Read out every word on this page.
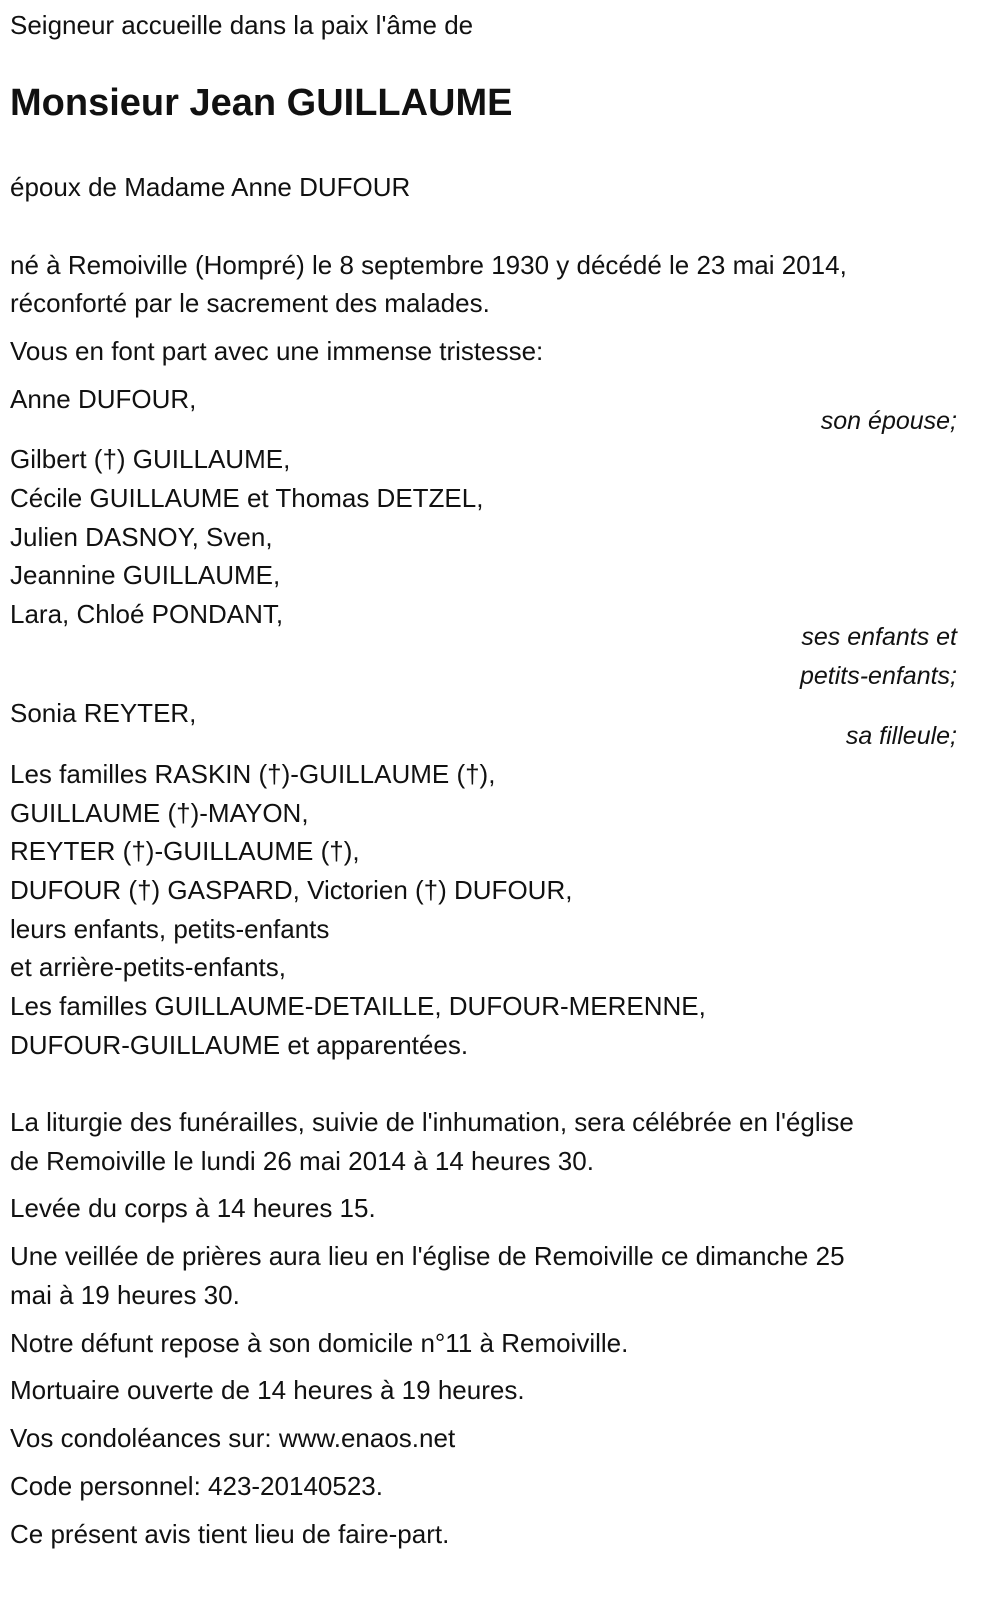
Seigneur accueille dans la paix l'âme de
Monsieur Jean GUILLAUME
époux de Madame Anne DUFOUR
né à Remoiville (Hompré) le 8 septembre 1930 y décédé le 23 mai 2014,
réconforté par le sacrement des malades.
Vous en font part avec une immense tristesse:
Anne DUFOUR,
son épouse;
Gilbert (†) GUILLAUME,
Cécile GUILLAUME et Thomas DETZEL,
Julien DASNOY, Sven,
Jeannine GUILLAUME,
Lara, Chloé PONDANT,
ses enfants et
petits-enfants;
Sonia REYTER,
sa filleule;
Les familles RASKIN (†)-GUILLAUME (†),
GUILLAUME (†)-MAYON,
REYTER (†)-GUILLAUME (†),
DUFOUR (†) GASPARD, Victorien (†) DUFOUR,
leurs enfants, petits-enfants
et arrière-petits-enfants,
Les familles GUILLAUME-DETAILLE, DUFOUR-MERENNE,
DUFOUR-GUILLAUME et apparentées.
La liturgie des funérailles, suivie de l'inhumation, sera célébrée en l'église
de Remoiville le lundi 26 mai 2014 à 14 heures 30.
Levée du corps à 14 heures 15.
Une veillée de prières aura lieu en l'église de Remoiville ce dimanche 25
mai à 19 heures 30.
Notre défunt repose à son domicile n°11 à Remoiville.
Mortuaire ouverte de 14 heures à 19 heures.
Vos condoléances sur: www.enaos.net
Code personnel: 423-20140523.
Ce présent avis tient lieu de faire-part.
